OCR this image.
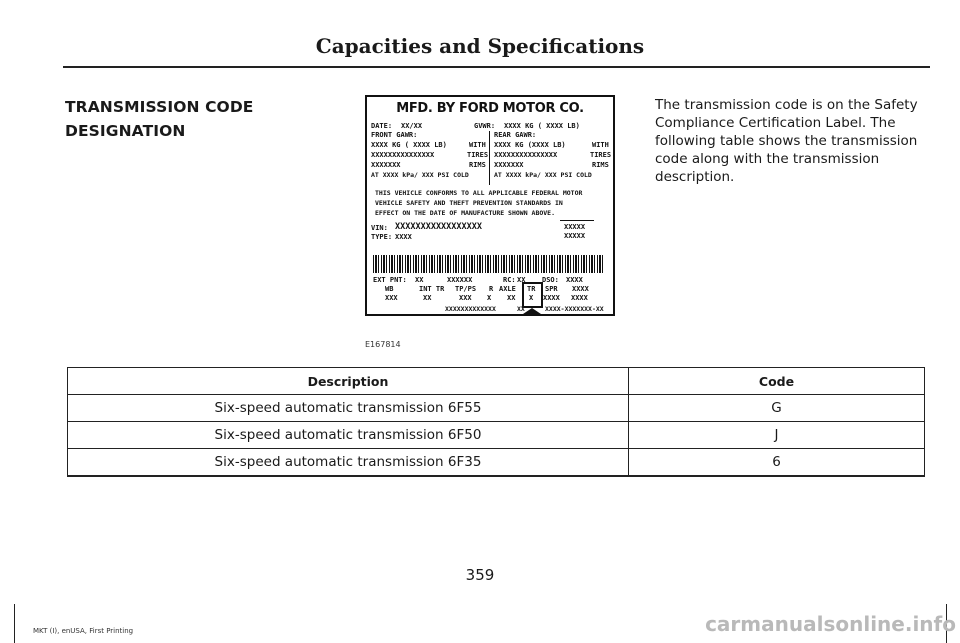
Capacities and Specifications
TRANSMISSION CODE
DESIGNATION
MFD. BY FORD MOTOR CO.
DATE: XX/XX	GVWR: XXXX KG ( XXXX LB)
FRONT GAWR:	REAR GAWR:
XXXX KG ( XXXX LB)	XXXX KG (XXXX LB)
WITH	WITH
XXXXXXXXXXXXXXX	XXXXXXXXXXXXXXX
TIRES	TIRES
XXXXXXX	XXXXXXX
RIMS	RIMS
AT XXXX kPa/ XXX PSI COLD	AT XXXX kPa/ XXX PSI COLD
THIS VEHICLE CONFORMS TO ALL APPLICABLE FEDERAL MOTOR
VEHICLE SAFETY AND THEFT PREVENTION STANDARDS IN
EFFECT ON THE DATE OF MANUFACTURE SHOWN ABOVE.
VIN: XXXXXXXXXXXXXXXXX
TYPE: XXXX
XXXXX
XXXXX
EXT PNT: XX	XXXXXX	RC: XX DSO: XXXX
WB	INT TR TP/PS R AXLE TR SPR XXXX
XXX	XX	XXX X XX X XXXX XXXX
XXXXXXXXXXXXX	XX	XXXX-XXXXXXX-XX
E167814
The transmission code is on the Safety Compliance Certification Label. The following table shows the transmission code along with the transmission description.
Description	Code
Six-speed automatic transmission 6F55	G
Six-speed automatic transmission 6F50	J
Six-speed automatic transmission 6F35	6
359
MKT (I), enUSA, First Printing	carmanualsonline.info
